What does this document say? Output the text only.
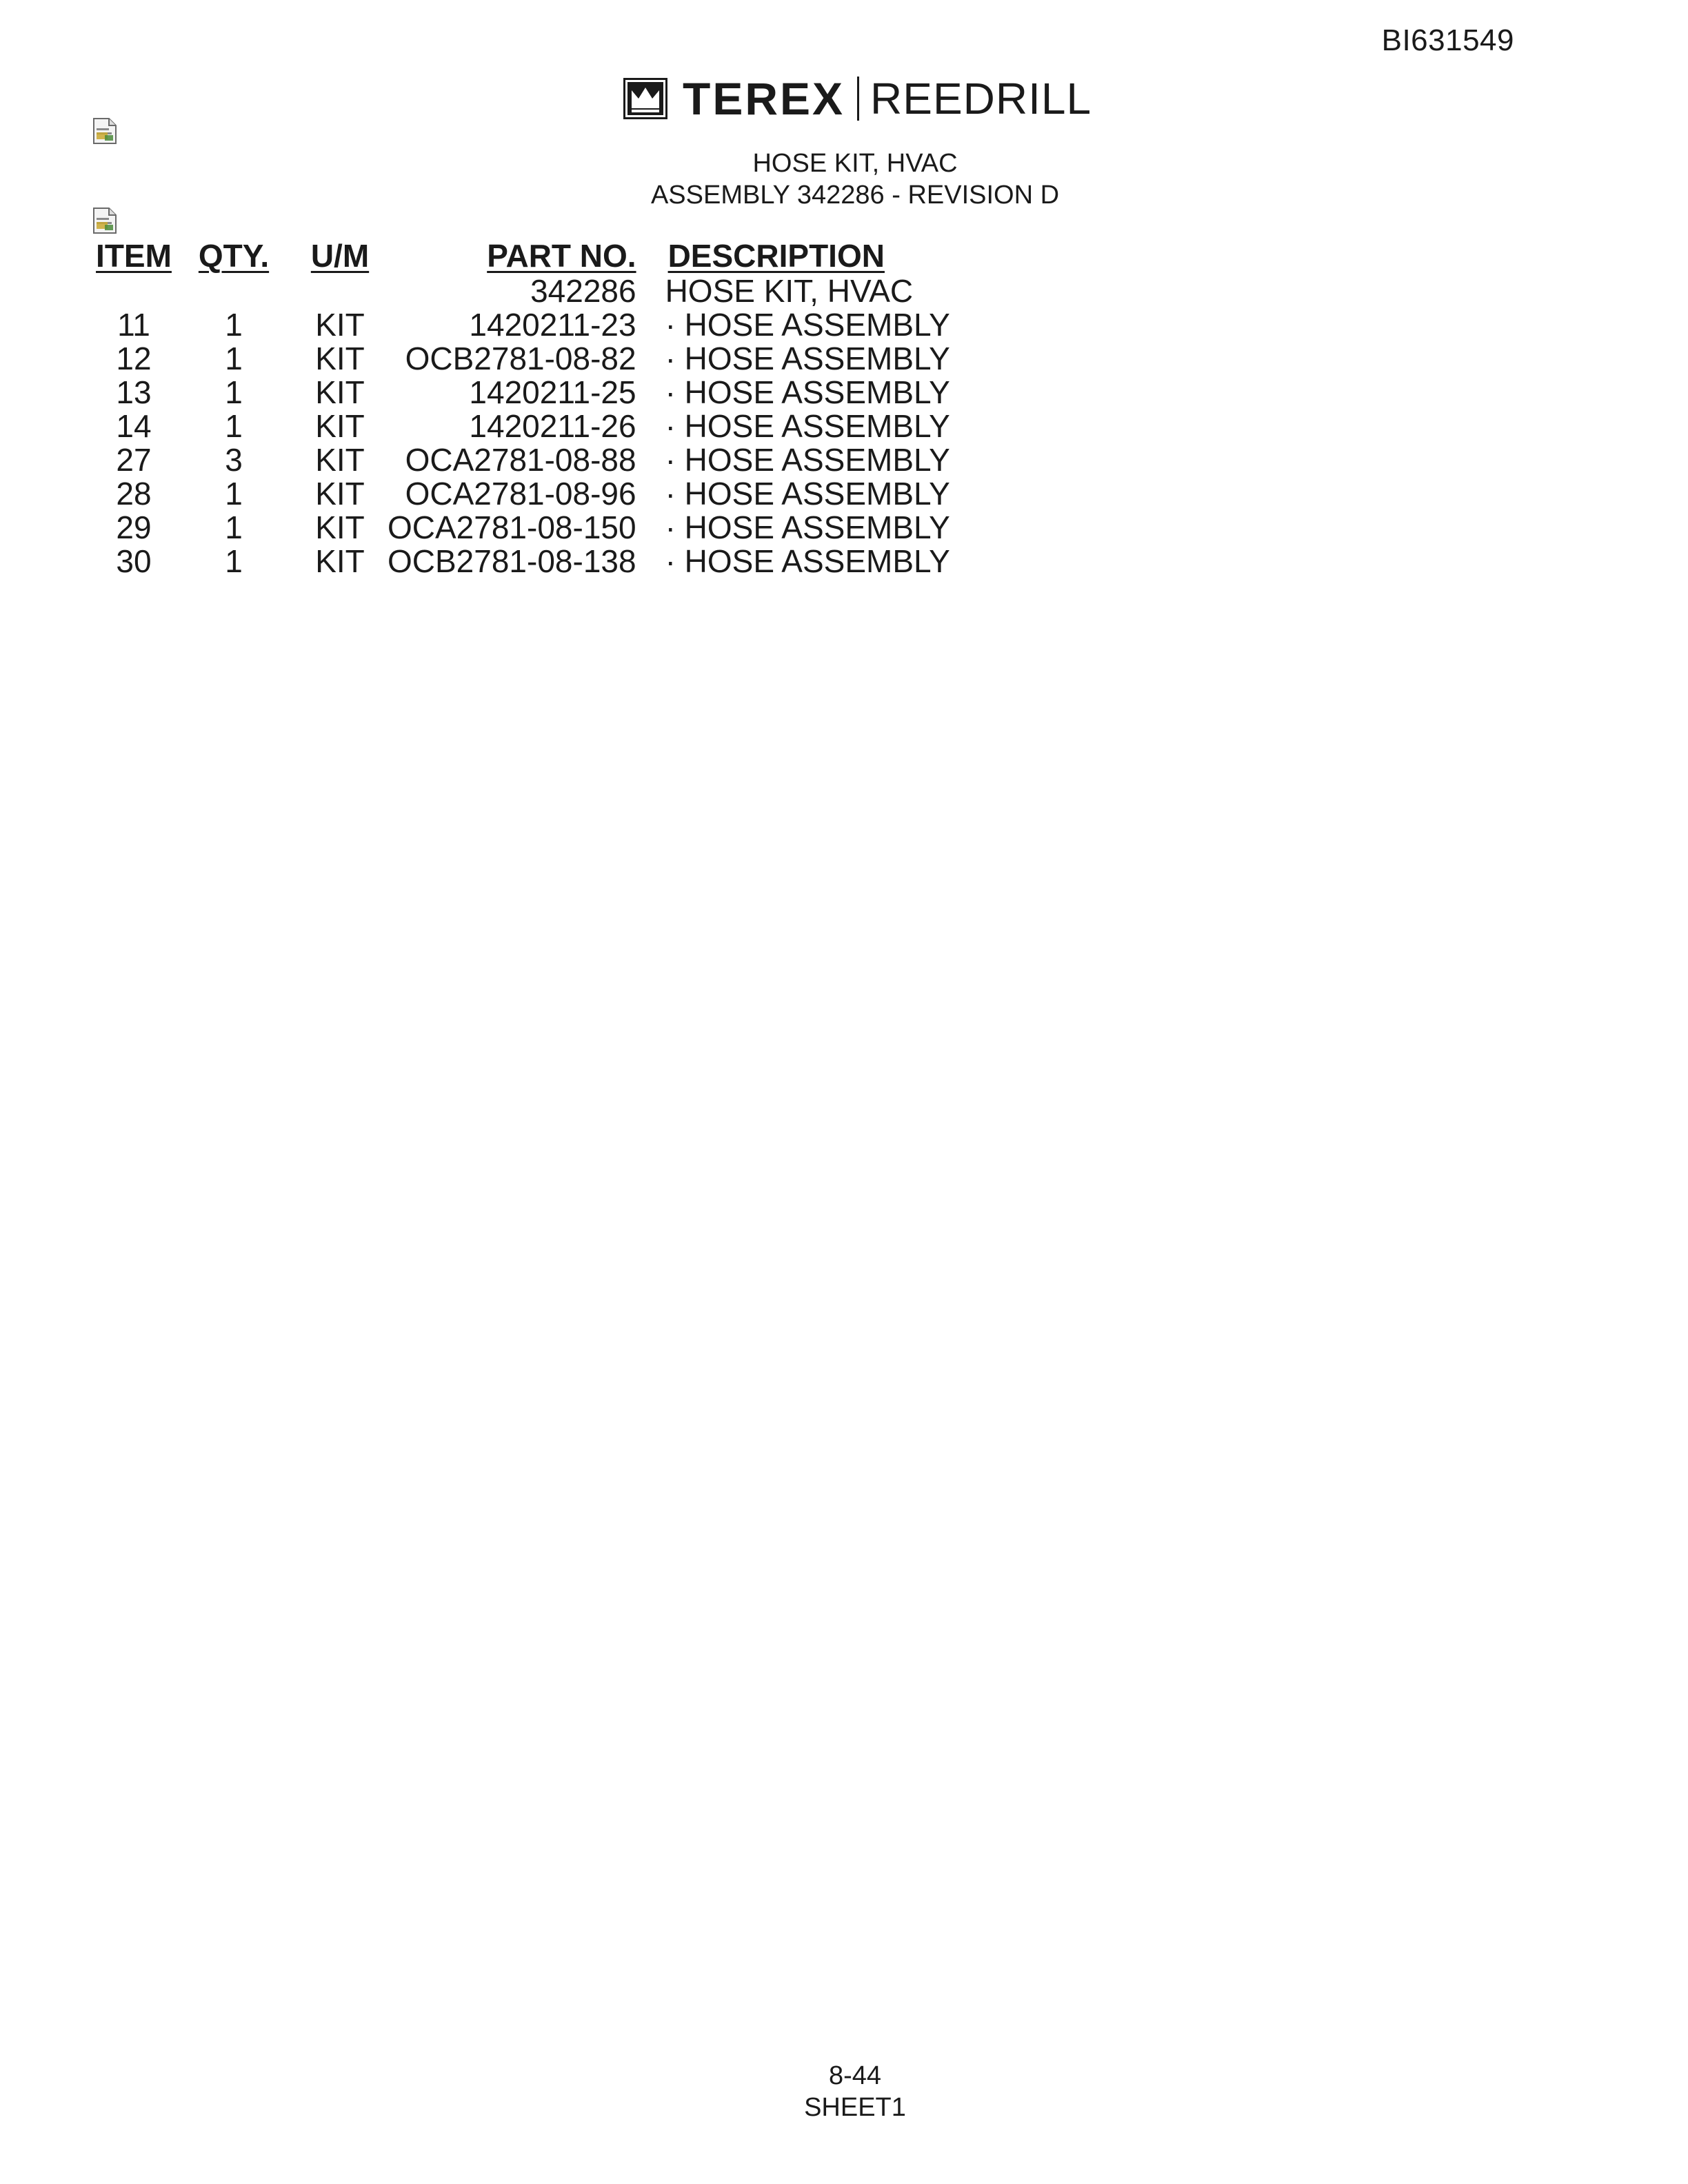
BI631549
TEREX REEDRILL
HOSE KIT, HVAC
ASSEMBLY 342286 - REVISION D
ITEM	QTY.	U/M	PART NO.	DESCRIPTION
			342286	HOSE KIT, HVAC
11	1	KIT	1420211-23	· HOSE ASSEMBLY
12	1	KIT	OCB2781-08-82	· HOSE ASSEMBLY
13	1	KIT	1420211-25	· HOSE ASSEMBLY
14	1	KIT	1420211-26	· HOSE ASSEMBLY
27	3	KIT	OCA2781-08-88	· HOSE ASSEMBLY
28	1	KIT	OCA2781-08-96	· HOSE ASSEMBLY
29	1	KIT	OCA2781-08-150	· HOSE ASSEMBLY
30	1	KIT	OCB2781-08-138	· HOSE ASSEMBLY
8-44
SHEET1
